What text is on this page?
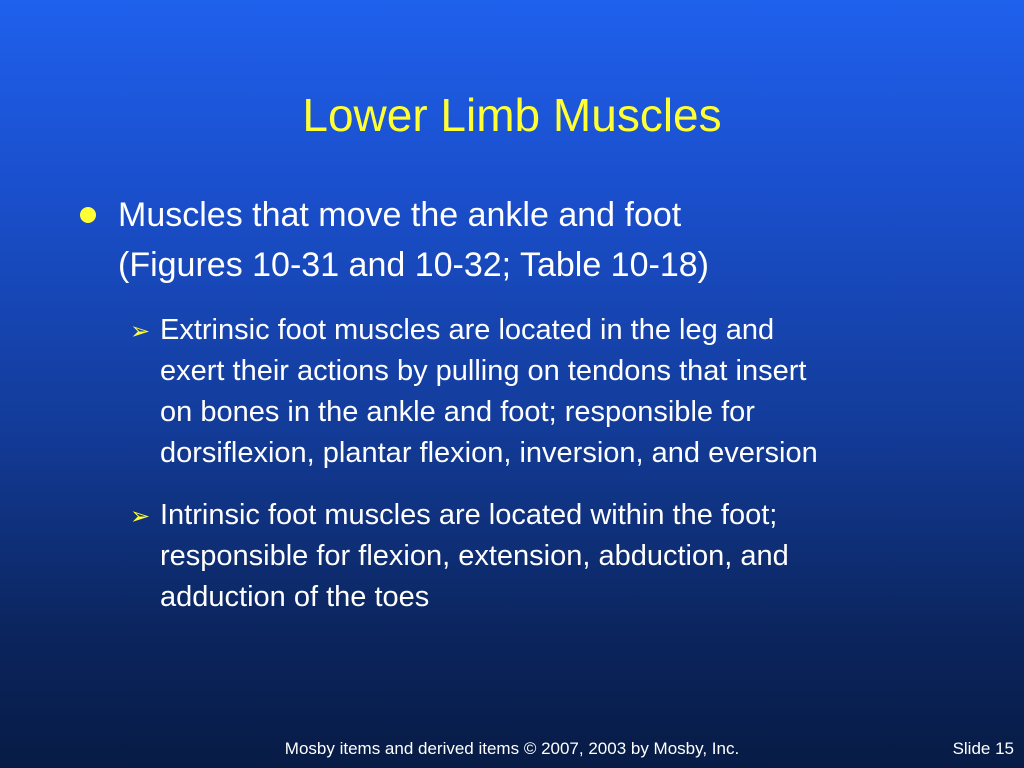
Lower Limb Muscles
Muscles that move the ankle and foot
(Figures 10-31 and 10-32; Table 10-18)
➢ Extrinsic foot muscles are located in the leg and
exert their actions by pulling on tendons that insert
on bones in the ankle and foot; responsible for
dorsiflexion, plantar flexion, inversion, and eversion
➢ Intrinsic foot muscles are located within the foot;
responsible for flexion, extension, abduction, and
adduction of the toes
Mosby items and derived items © 2007, 2003 by Mosby, Inc.	Slide 15
